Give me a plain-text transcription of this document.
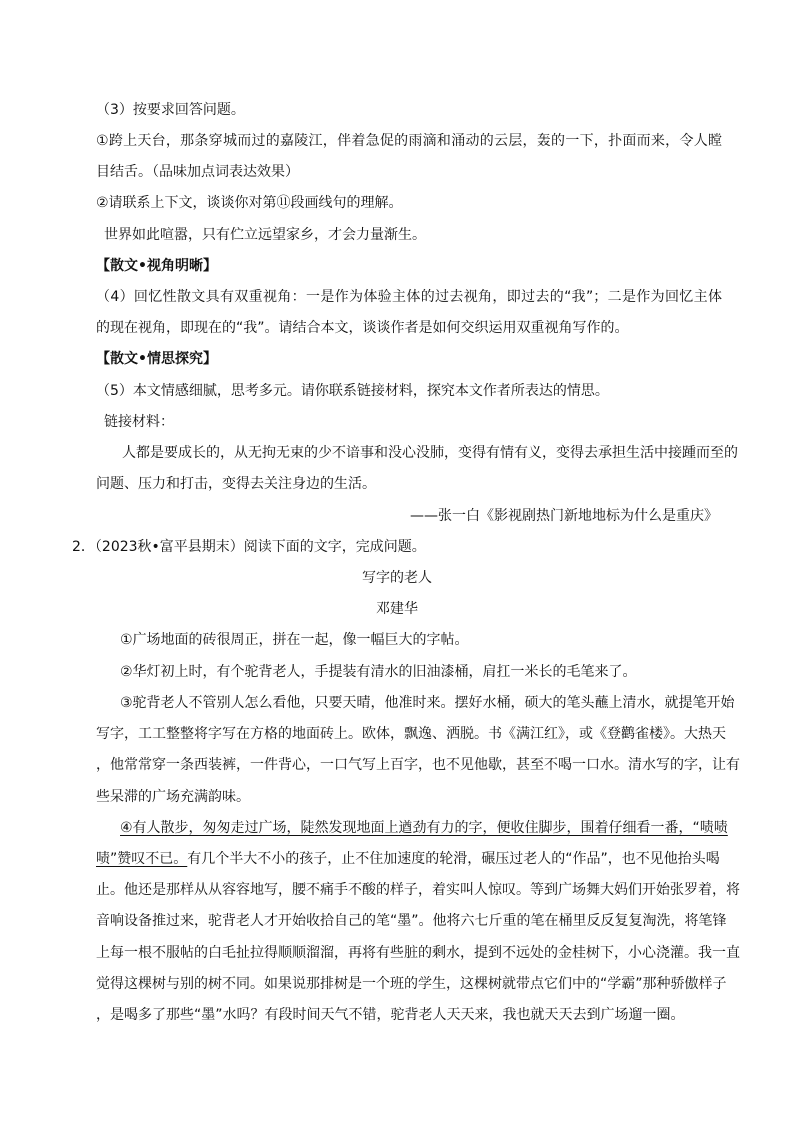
（3）按要求回答问题。
①跨上天台，那条穿城而过的嘉陵江，伴着急促的雨滴和涌动的云层，轰的一下，扑面而来，令人瞠
目结舌。（品味加点词表达效果）
②请联系上下文，谈谈你对第⑪段画线句的理解。
世界如此喧嚣，只有伫立远望家乡，才会力量渐生。
【散文•视角明晰】
（4）回忆性散文具有双重视角：一是作为体验主体的过去视角，即过去的“我”；二是作为回忆主体
的现在视角，即现在的“我”。请结合本文，谈谈作者是如何交织运用双重视角写作的。
【散文•情思探究】
（5）本文情感细腻，思考多元。请你联系链接材料，探究本文作者所表达的情思。
链接材料：
人都是要成长的，从无拘无束的少不谙事和没心没肺，变得有情有义，变得去承担生活中接踵而至的
问题、压力和打击，变得去关注身边的生活。
——张一白《影视剧热门新地地标为什么是重庆》
2．（2023秋•富平县期末）阅读下面的文字，完成问题。
写字的老人
邓建华
①广场地面的砖很周正，拼在一起，像一幅巨大的字帖。
②华灯初上时，有个驼背老人，手提装有清水的旧油漆桶，肩扛一米长的毛笔来了。
③驼背老人不管别人怎么看他，只要天晴，他准时来。摆好水桶，硕大的笔头蘸上清水，就提笔开始
写字，工工整整将字写在方格的地面砖上。欧体，飘逸、洒脱。书《满江红》，或《登鹳雀楼》。大热天
，他常常穿一条西装裤，一件背心，一口气写上百字，也不见他歇，甚至不喝一口水。清水写的字，让有
些呆滞的广场充满韵味。
④有人散步，匆匆走过广场，陡然发现地面上遒劲有力的字，便收住脚步，围着仔细看一番，“啧啧
啧”赞叹不已。有几个半大不小的孩子，止不住加速度的轮滑，碾压过老人的“作品”，也不见他抬头喝
止。他还是那样从从容容地写，腰不痛手不酸的样子，着实叫人惊叹。等到广场舞大妈们开始张罗着，将
音响设备推过来，驼背老人才开始收拾自己的笔“墨”。他将六七斤重的笔在桶里反反复复淘洗，将笔锋
上每一根不服帖的白毛扯拉得顺顺溜溜，再将有些脏的剩水，提到不远处的金桂树下，小心浇灌。我一直
觉得这棵树与别的树不同。如果说那排树是一个班的学生，这棵树就带点它们中的“学霸”那种骄傲样子
，是喝多了那些“墨”水吗？有段时间天气不错，驼背老人天天来，我也就天天去到广场遛一圈。
